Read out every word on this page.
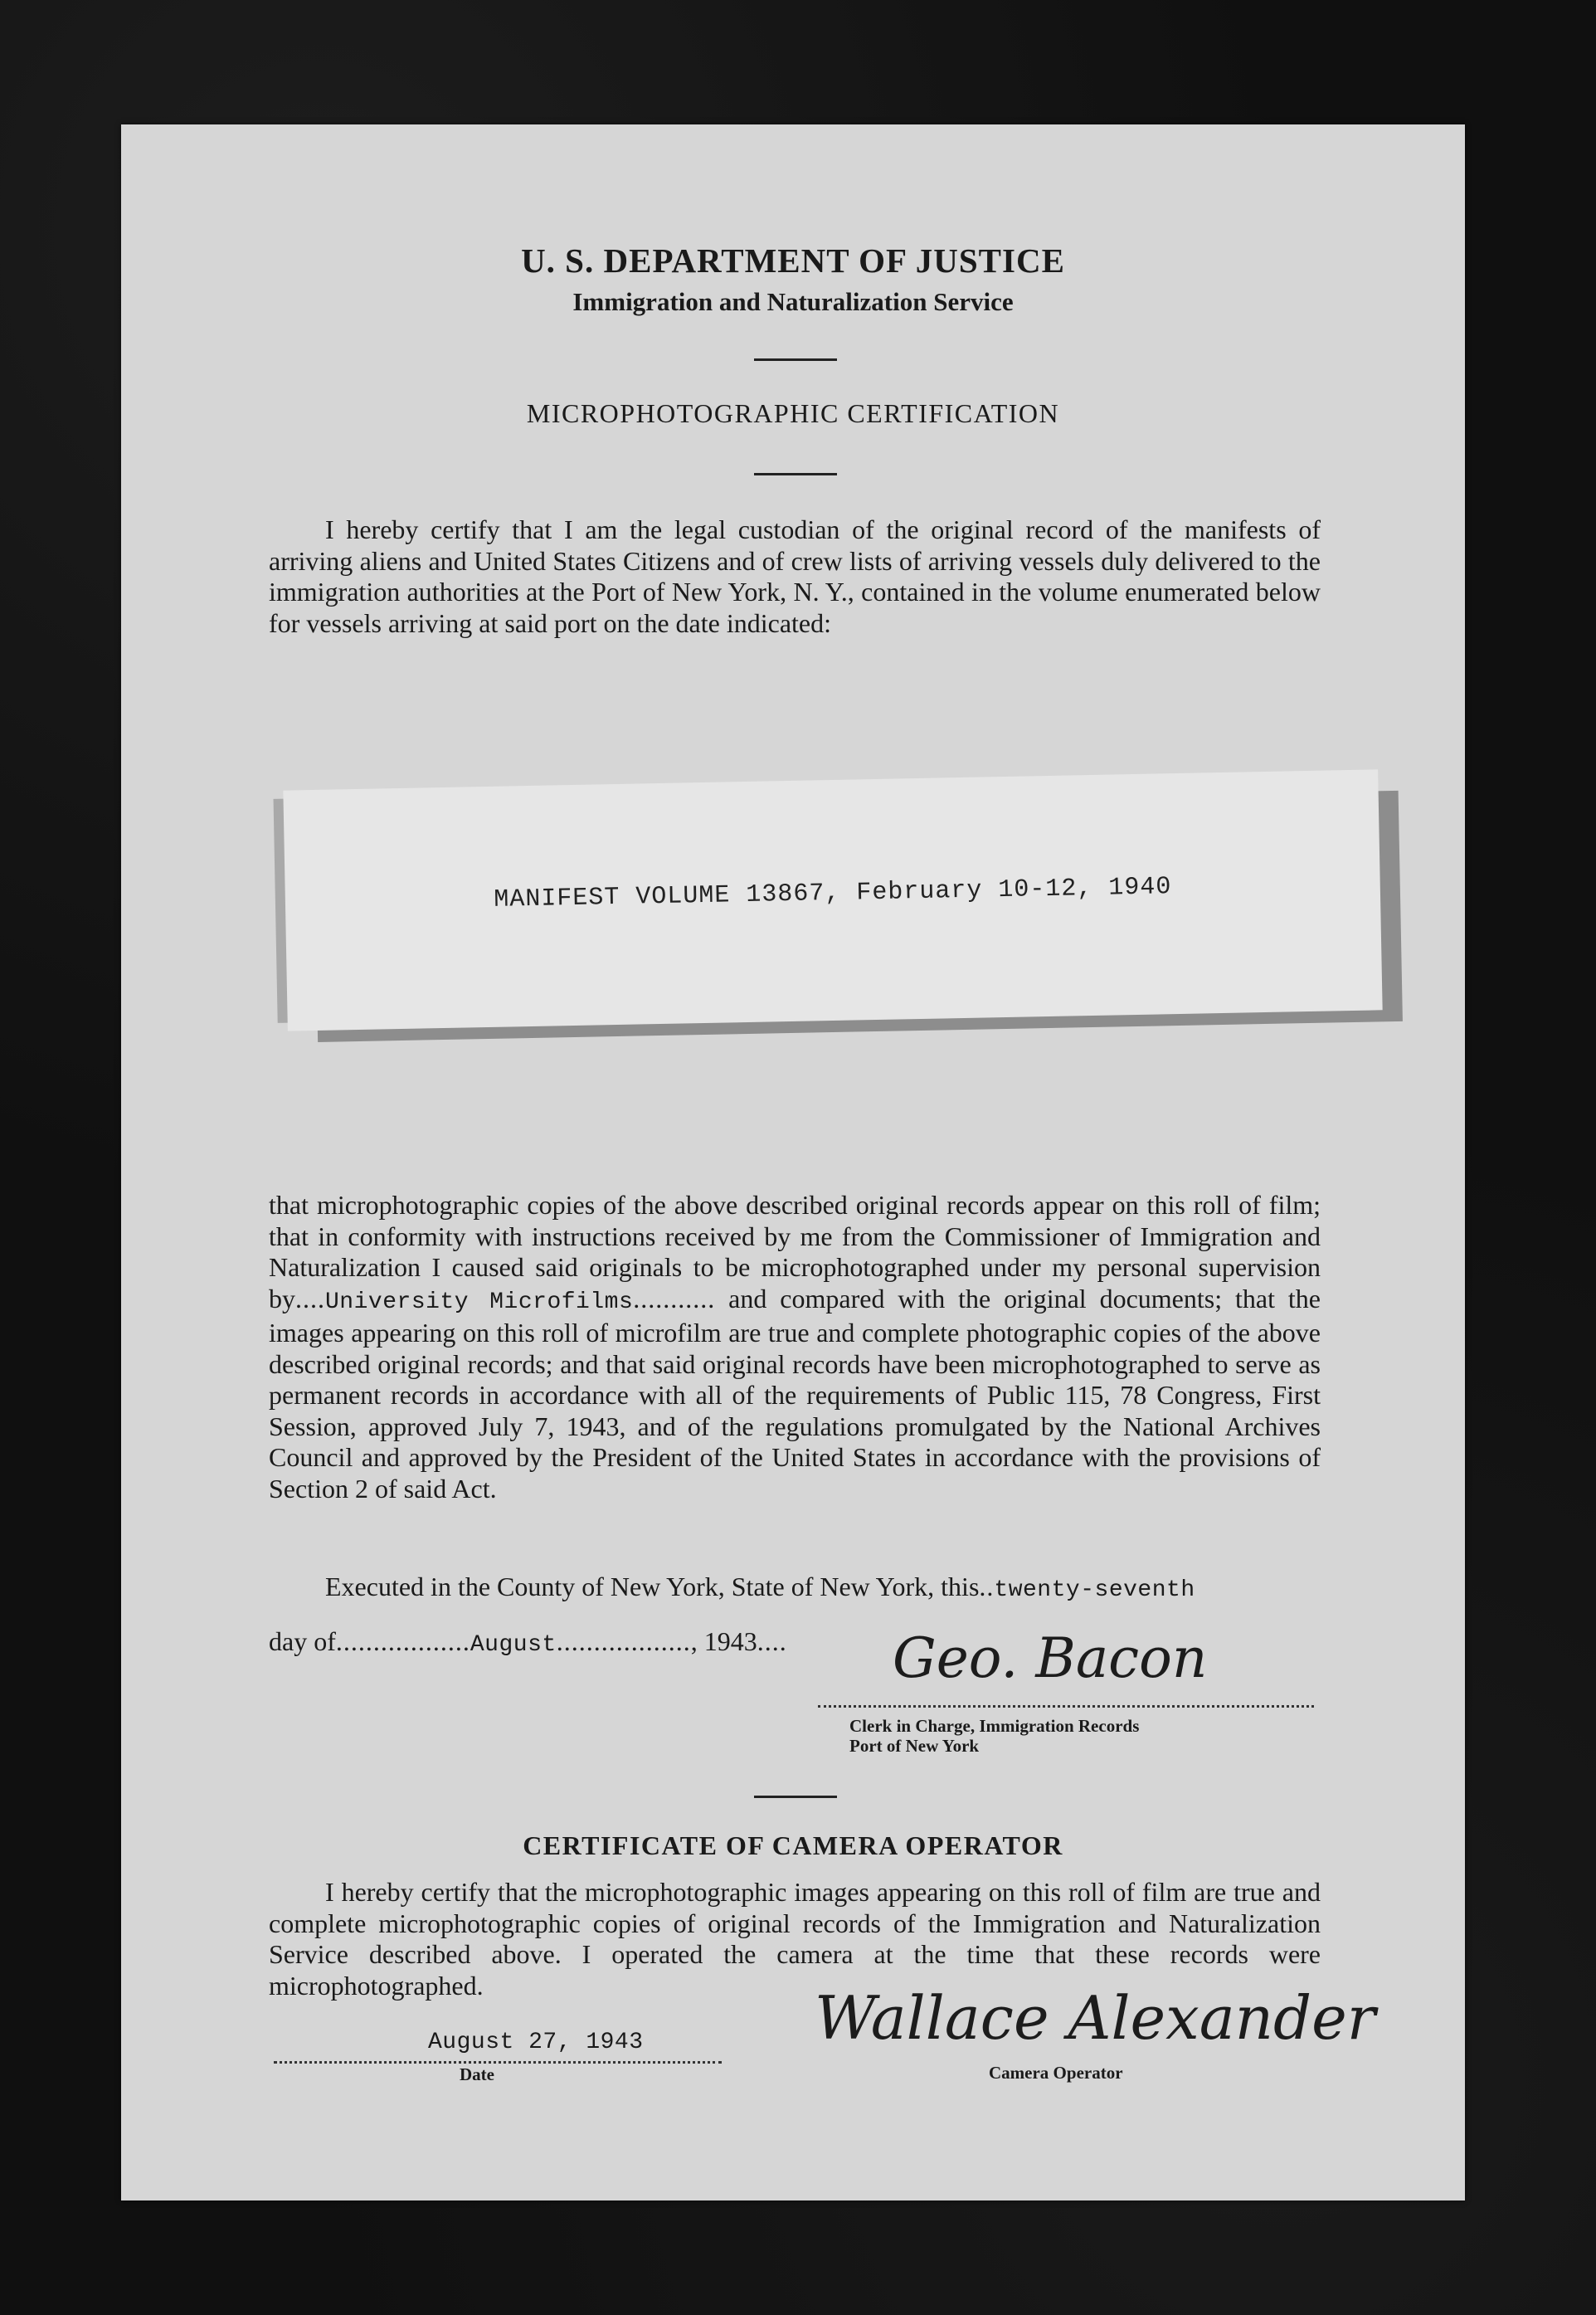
U. S. DEPARTMENT OF JUSTICE
Immigration and Naturalization Service
MICROPHOTOGRAPHIC CERTIFICATION

I hereby certify that I am the legal custodian of the original record of the manifests of arriving aliens and United States Citizens and of crew lists of arriving vessels duly delivered to the immigration authorities at the Port of New York, N. Y., contained in the volume enumerated below for vessels arriving at said port on the date indicated:

MANIFEST VOLUME 13867, February 10-12, 1940

that microphotographic copies of the above described original records appear on this roll of film; that in conformity with instructions received by me from the Commissioner of Immigration and Naturalization I caused said originals to be microphotographed under my personal supervision by....University Microfilms........... and compared with the original documents; that the images appearing on this roll of microfilm are true and complete photographic copies of the above described original records; and that said original records have been microphotographed to serve as permanent records in accordance with all of the requirements of Public 115, 78 Congress, First Session, approved July 7, 1943, and of the regulations promulgated by the National Archives Council and approved by the President of the United States in accordance with the provisions of Section 2 of said Act.

Executed in the County of New York, State of New York, this..twenty-seventh

day of..................August.................., 1943....	Geo. Bacon
Clerk in Charge, Immigration Records
Port of New York
CERTIFICATE OF CAMERA OPERATOR

I hereby certify that the microphotographic images appearing on this roll of film are true and complete microphotographic copies of original records of the Immigration and Naturalization Service described above. I operated the camera at the time that these records were microphotographed.

August 27, 1943
Date
Wallace Alexander
Camera Operator
